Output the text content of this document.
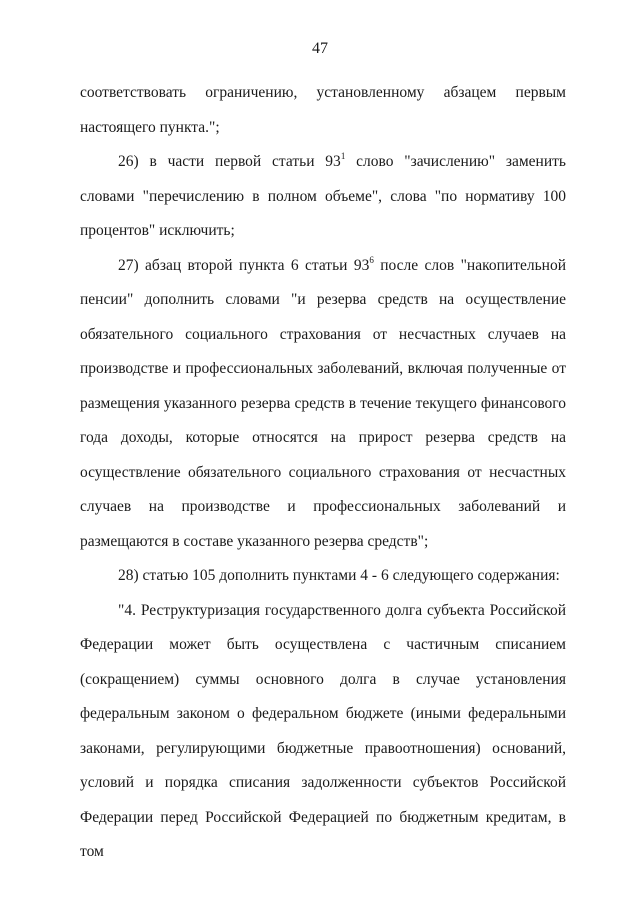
47

соответствовать ограничению, установленному абзацем первым настоящего пункта.";

26) в части первой статьи $93^1$ слово "зачислению" заменить словами "перечислению в полном объеме", слова "по нормативу 100 процентов" исключить;

27) абзац второй пункта 6 статьи $93^6$ после слов "накопительной пенсии" дополнить словами "и резерва средств на осуществление обязательного социального страхования от несчастных случаев на производстве и профессиональных заболеваний, включая полученные от размещения указанного резерва средств в течение текущего финансового года доходы, которые относятся на прирост резерва средств на осуществление обязательного социального страхования от несчастных случаев на производстве и профессиональных заболеваний и размещаются в составе указанного резерва средств";

28) статью 105 дополнить пунктами 4 - 6 следующего содержания:

"4. Реструктуризация государственного долга субъекта Российской Федерации может быть осуществлена с частичным списанием (сокращением) суммы основного долга в случае установления федеральным законом о федеральном бюджете (иными федеральными законами, регулирующими бюджетные правоотношения) оснований, условий и порядка списания задолженности субъектов Российской Федерации перед Российской Федерацией по бюджетным кредитам, в том
